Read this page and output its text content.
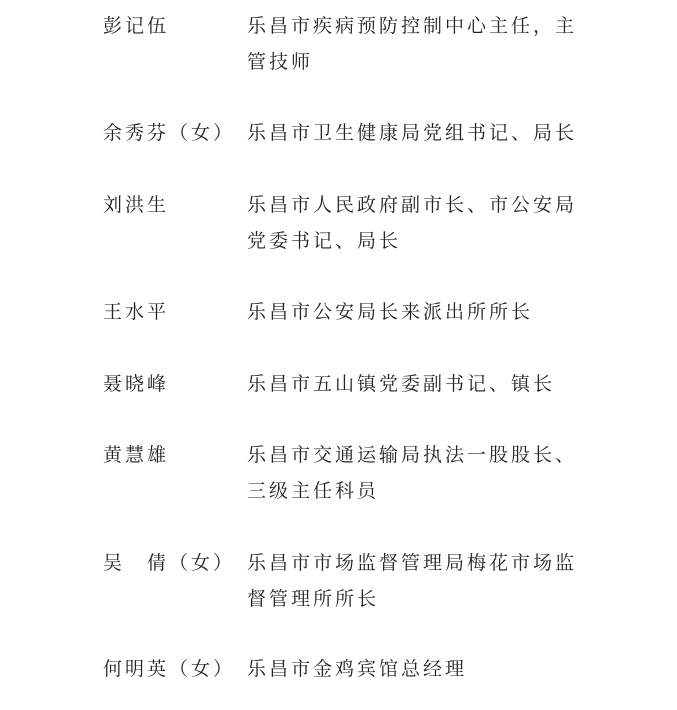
彭记伍	乐昌市疾病预防控制中心主任，主管技师
余秀芬（女） 乐昌市卫生健康局党组书记、局长
刘洪生	乐昌市人民政府副市长、市公安局党委书记、局长
王水平	乐昌市公安局长来派出所所长
聂晓峰	乐昌市五山镇党委副书记、镇长
黄慧雄	乐昌市交通运输局执法一股股长、三级主任科员
吴　倩（女） 乐昌市市场监督管理局梅花市场监督管理所所长
何明英（女） 乐昌市金鸡宾馆总经理
